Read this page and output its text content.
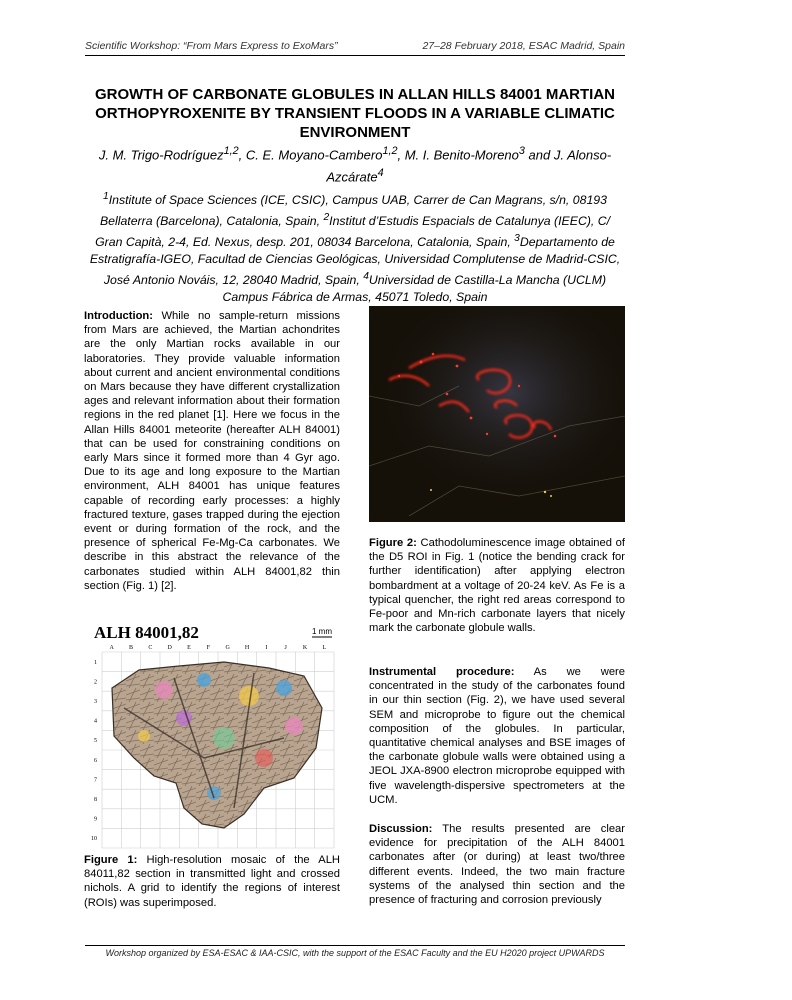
Scientific Workshop: “From Mars Express to ExoMars”	27–28 February 2018, ESAC Madrid, Spain
GROWTH OF CARBONATE GLOBULES IN ALLAN HILLS 84001 MARTIAN ORTHOPYROXENITE BY TRANSIENT FLOODS IN A VARIABLE CLIMATIC ENVIRONMENT
J. M. Trigo-Rodríguez$^{1,2}$, C. E. Moyano-Cambero$^{1,2}$, M. I. Benito-Moreno$^3$ and J. Alonso-Azcárate$^4$
$^1$Institute of Space Sciences (ICE, CSIC), Campus UAB, Carrer de Can Magrans, s/n, 08193 Bellaterra (Barcelona), Catalonia, Spain, $^2$Institut d’Estudis Espacials de Catalunya (IEEC), C/ Gran Capità, 2-4, Ed. Nexus, desp. 201, 08034 Barcelona, Catalonia, Spain, $^3$Departamento de Estratigrafía-IGEO, Facultad de Ciencias Geológicas, Universidad Complutense de Madrid-CSIC, José Antonio Nováis, 12, 28040 Madrid, Spain, $^4$Universidad de Castilla-La Mancha (UCLM) Campus Fábrica de Armas, 45071 Toledo, Spain

Introduction: While no sample-return missions from Mars are achieved, the Martian achondrites are the only Martian rocks available in our laboratories. They provide valuable information about current and ancient environmental conditions on Mars because they have different crystallization ages and relevant information about their formation regions in the red planet [1]. Here we focus in the Allan Hills 84001 meteorite (hereafter ALH 84001) that can be used for constraining conditions on early Mars since it formed more than 4 Gyr ago. Due to its age and long exposure to the Martian environment, ALH 84001 has unique features capable of recording early processes: a highly fractured texture, gases trapped during the ejection event or during formation of the rock, and the presence of spherical Fe-Mg-Ca carbonates. We describe in this abstract the relevance of the carbonates studied within ALH 84001,82 thin section (Fig. 1) [2].

ALH 84001,82	1 mm
A	B	C	D	E	F	G H	I	J	K	L
1
2
3
4
5
6
7
8
9
10
Figure 1: High-resolution mosaic of the ALH 84011,82 section in transmitted light and crossed nichols. A grid to identify the regions of interest (ROIs) was superimposed.

Figure 2: Cathodoluminescence image obtained of the D5 ROI in Fig. 1 (notice the bending crack for further identification) after applying electron bombardment at a voltage of 20-24 keV. As Fe is a typical quencher, the right red areas correspond to Fe-poor and Mn-rich carbonate layers that nicely mark the carbonate globule walls.

Instrumental procedure: As we were concentrated in the study of the carbonates found in our thin section (Fig. 2), we have used several SEM and microprobe to figure out the chemical composition of the globules. In particular, quantitative chemical analyses and BSE images of the carbonate globule walls were obtained using a JEOL JXA-8900 electron microprobe equipped with five wavelength-dispersive spectrometers at the UCM.

Discussion: The results presented are clear evidence for precipitation of the ALH 84001 carbonates after (or during) at least two/three different events. Indeed, the two main fracture systems of the analysed thin section and the presence of fracturing and corrosion previously

Workshop organized by ESA-ESAC & IAA-CSIC, with the support of the ESAC Faculty and the EU H2020 project UPWARDS
